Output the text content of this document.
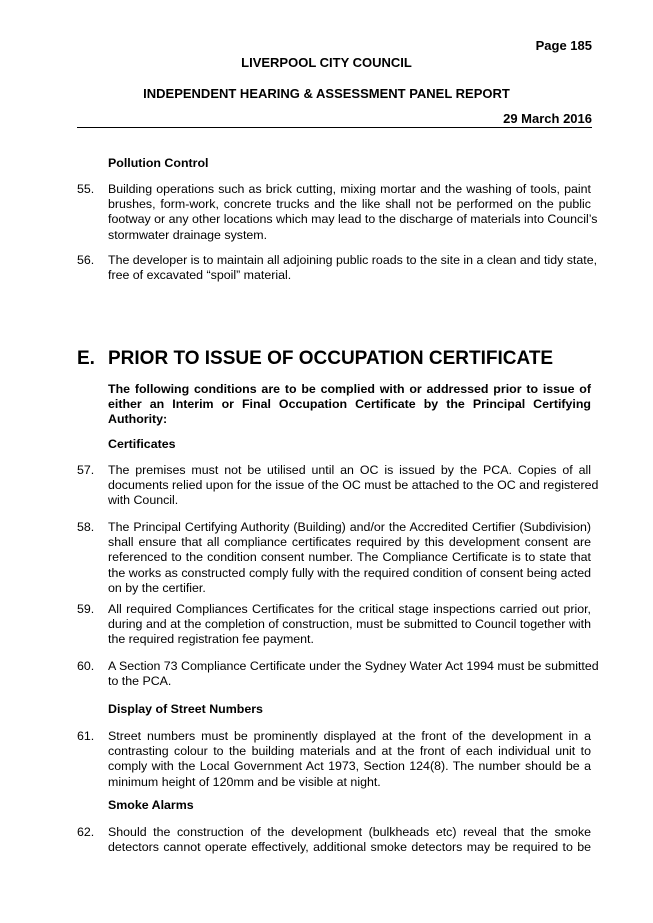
Page 185
LIVERPOOL CITY COUNCIL
INDEPENDENT HEARING & ASSESSMENT PANEL REPORT
29 March 2016
Pollution Control
55.	Building operations such as brick cutting, mixing mortar and the washing of tools, paint
brushes, form-work, concrete trucks and the like shall not be performed on the public
footway or any other locations which may lead to the discharge of materials into Council’s
stormwater drainage system.
56.	The developer is to maintain all adjoining public roads to the site in a clean and tidy state,
free of excavated “spoil” material.
E. PRIOR TO ISSUE OF OCCUPATION CERTIFICATE
The following conditions are to be complied with or addressed prior to issue of
either an Interim or Final Occupation Certificate by the Principal Certifying
Authority:
Certificates
57.	The premises must not be utilised until an OC is issued by the PCA. Copies of all
documents relied upon for the issue of the OC must be attached to the OC and registered
with Council.
58.	The Principal Certifying Authority (Building) and/or the Accredited Certifier (Subdivision)
shall ensure that all compliance certificates required by this development consent are
referenced to the condition consent number. The Compliance Certificate is to state that
the works as constructed comply fully with the required condition of consent being acted
on by the certifier.
59.	All required Compliances Certificates for the critical stage inspections carried out prior,
during and at the completion of construction, must be submitted to Council together with
the required registration fee payment.
60.	A Section 73 Compliance Certificate under the Sydney Water Act 1994 must be submitted
to the PCA.
Display of Street Numbers
61.	Street numbers must be prominently displayed at the front of the development in a
contrasting colour to the building materials and at the front of each individual unit to
comply with the Local Government Act 1973, Section 124(8). The number should be a
minimum height of 120mm and be visible at night.
Smoke Alarms
62.	Should the construction of the development (bulkheads etc) reveal that the smoke
detectors cannot operate effectively, additional smoke detectors may be required to be
